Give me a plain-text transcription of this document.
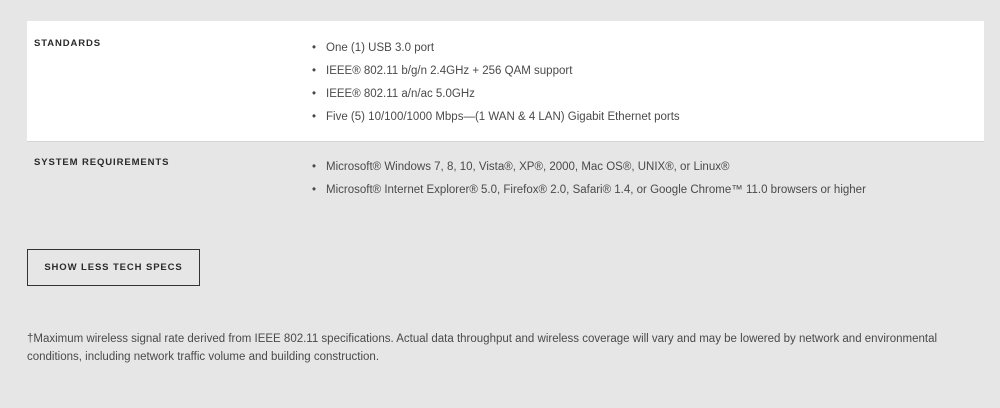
STANDARDS	• One (1) USB 3.0 port
• IEEE® 802.11 b/g/n 2.4GHz + 256 QAM support
• IEEE® 802.11 a/n/ac 5.0GHz
• Five (5) 10/100/1000 Mbps—(1 WAN & 4 LAN) Gigabit Ethernet ports
SYSTEM REQUIREMENTS	• Microsoft® Windows 7, 8, 10, Vista®, XP®, 2000, Mac OS®, UNIX®, or Linux®
• Microsoft® Internet Explorer® 5.0, Firefox® 2.0, Safari® 1.4, or Google Chrome™ 11.0 browsers or higher
SHOW LESS TECH SPECS

†Maximum wireless signal rate derived from IEEE 802.11 specifications. Actual data throughput and wireless coverage will vary and may be lowered by network and environmental conditions, including network traffic volume and building construction.
